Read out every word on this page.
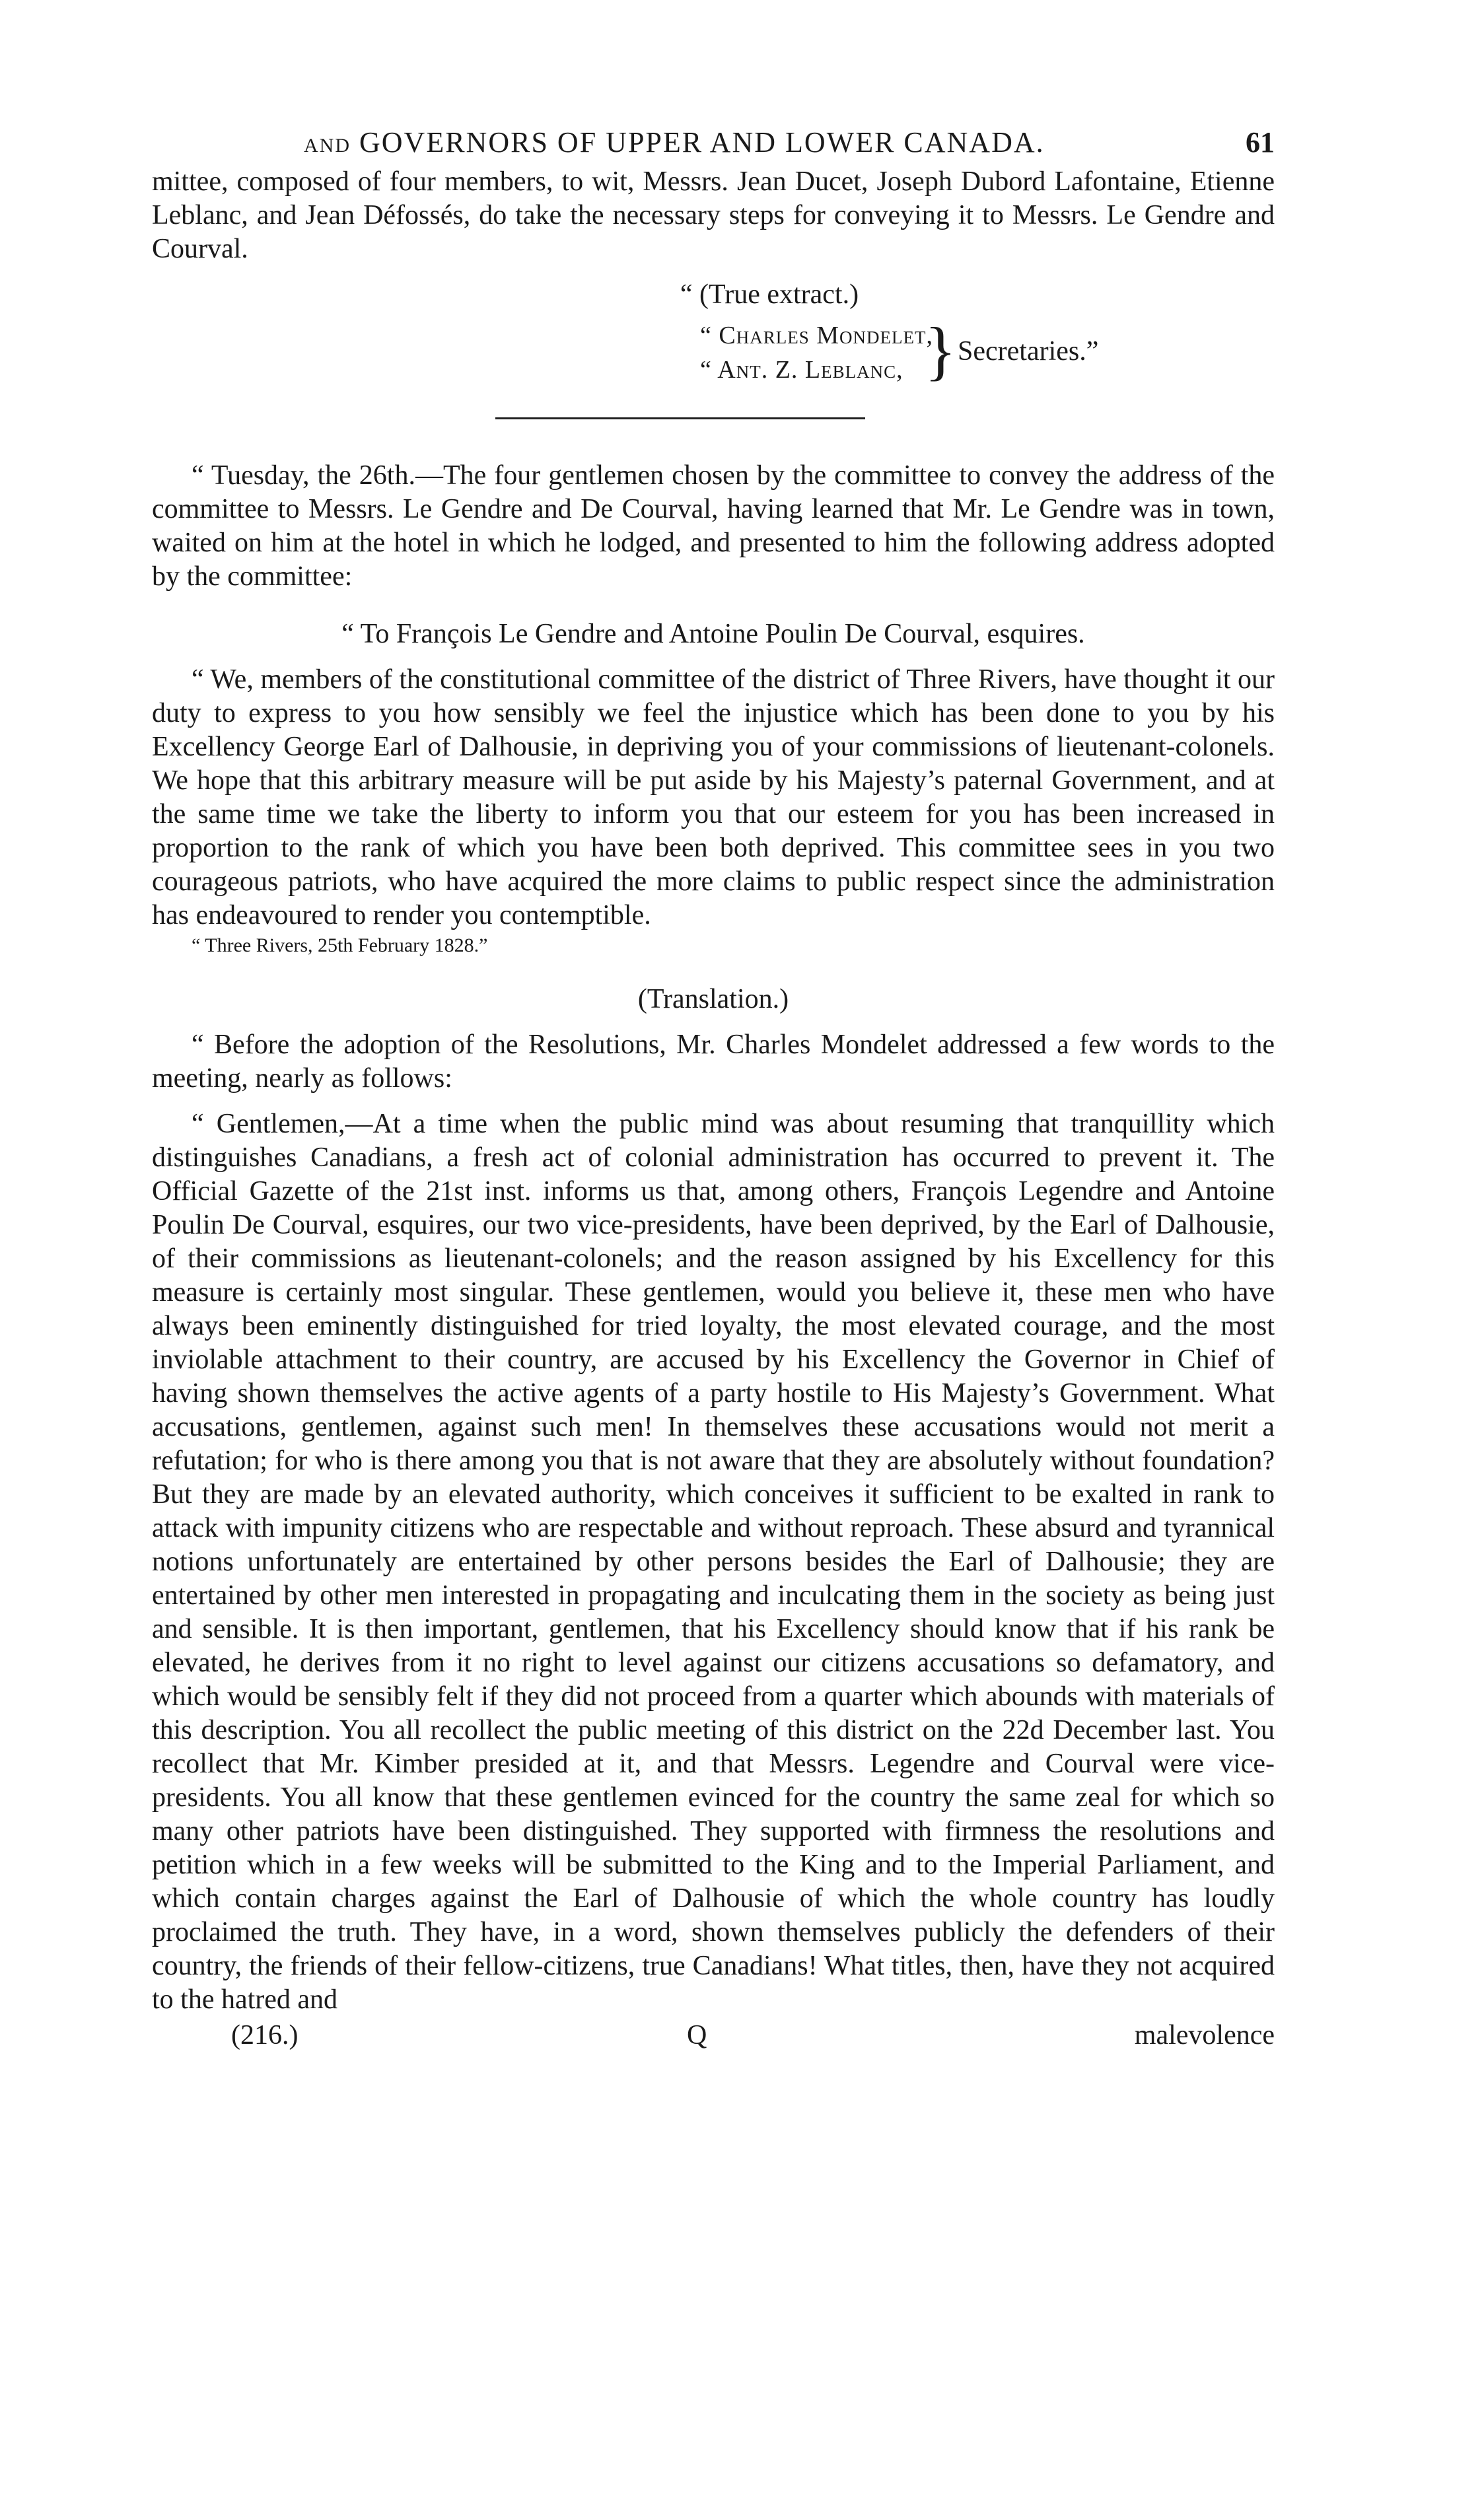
AND GOVERNORS OF UPPER AND LOWER CANADA.	61

mittee, composed of four members, to wit, Messrs. Jean Ducet, Joseph Dubord Lafontaine, Etienne Leblanc, and Jean Défossés, do take the necessary steps for conveying it to Messrs. Le Gendre and Courval.

“ (True extract.)

“ Charles Mondelet,
“ Ant. Z. Leblanc, } Secretaries.”

“ Tuesday, the 26th.—The four gentlemen chosen by the committee to convey the address of the committee to Messrs. Le Gendre and De Courval, having learned that Mr. Le Gendre was in town, waited on him at the hotel in which he lodged, and presented to him the following address adopted by the committee:

“ To François Le Gendre and Antoine Poulin De Courval, esquires.

“ We, members of the constitutional committee of the district of Three Rivers, have thought it our duty to express to you how sensibly we feel the injustice which has been done to you by his Excellency George Earl of Dalhousie, in depriving you of your commissions of lieutenant-colonels. We hope that this arbitrary measure will be put aside by his Majesty’s paternal Government, and at the same time we take the liberty to inform you that our esteem for you has been increased in proportion to the rank of which you have been both deprived. This committee sees in you two courageous patriots, who have acquired the more claims to public respect since the administration has endeavoured to render you contemptible.

“ Three Rivers, 25th February 1828.”

(Translation.)

“ Before the adoption of the Resolutions, Mr. Charles Mondelet addressed a few words to the meeting, nearly as follows:

“ Gentlemen,—At a time when the public mind was about resuming that tranquillity which distinguishes Canadians, a fresh act of colonial administration has occurred to prevent it. The Official Gazette of the 21st inst. informs us that, among others, François Legendre and Antoine Poulin De Courval, esquires, our two vice-presidents, have been deprived, by the Earl of Dalhousie, of their commissions as lieutenant-colonels; and the reason assigned by his Excellency for this measure is certainly most singular. These gentlemen, would you believe it, these men who have always been eminently distinguished for tried loyalty, the most elevated courage, and the most inviolable attachment to their country, are accused by his Excellency the Governor in Chief of having shown themselves the active agents of a party hostile to His Majesty’s Government. What accusations, gentlemen, against such men! In themselves these accusations would not merit a refutation; for who is there among you that is not aware that they are absolutely without foundation? But they are made by an elevated authority, which conceives it sufficient to be exalted in rank to attack with impunity citizens who are respectable and without reproach. These absurd and tyrannical notions unfortunately are entertained by other persons besides the Earl of Dalhousie; they are entertained by other men interested in propagating and inculcating them in the society as being just and sensible. It is then important, gentlemen, that his Excellency should know that if his rank be elevated, he derives from it no right to level against our citizens accusations so defamatory, and which would be sensibly felt if they did not proceed from a quarter which abounds with materials of this description. You all recollect the public meeting of this district on the 22d December last. You recollect that Mr. Kimber presided at it, and that Messrs. Legendre and Courval were vice-presidents. You all know that these gentlemen evinced for the country the same zeal for which so many other patriots have been distinguished. They supported with firmness the resolutions and petition which in a few weeks will be submitted to the King and to the Imperial Parliament, and which contain charges against the Earl of Dalhousie of which the whole country has loudly proclaimed the truth. They have, in a word, shown themselves publicly the defenders of their country, the friends of their fellow-citizens, true Canadians! What titles, then, have they not acquired to the hatred and

(216.)	Q	malevolence
